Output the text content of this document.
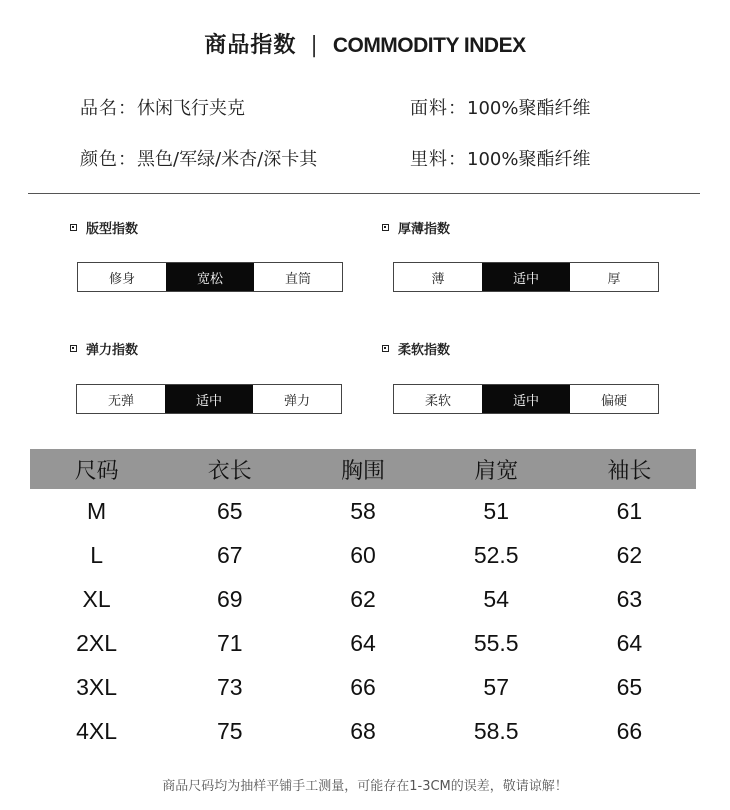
商品指数 | COMMODITY INDEX
品名：休闲飞行夹克	面料：100%聚酯纤维
颜色：黑色/军绿/米杏/深卡其	里料：100%聚酯纤维
版型指数
修身	宽松	直筒
厚薄指数
薄	适中	厚
弹力指数
无弹	适中	弹力
柔软指数
柔软	适中	偏硬
尺码	衣长	胸围	肩宽	袖长
M	65	58	51	61
L	67	60	52.5	62
XL	69	62	54	63
2XL	71	64	55.5	64
3XL	73	66	57	65
4XL	75	68	58.5	66
商品尺码均为抽样平铺手工测量，可能存在1-3CM的误差，敬请谅解！
